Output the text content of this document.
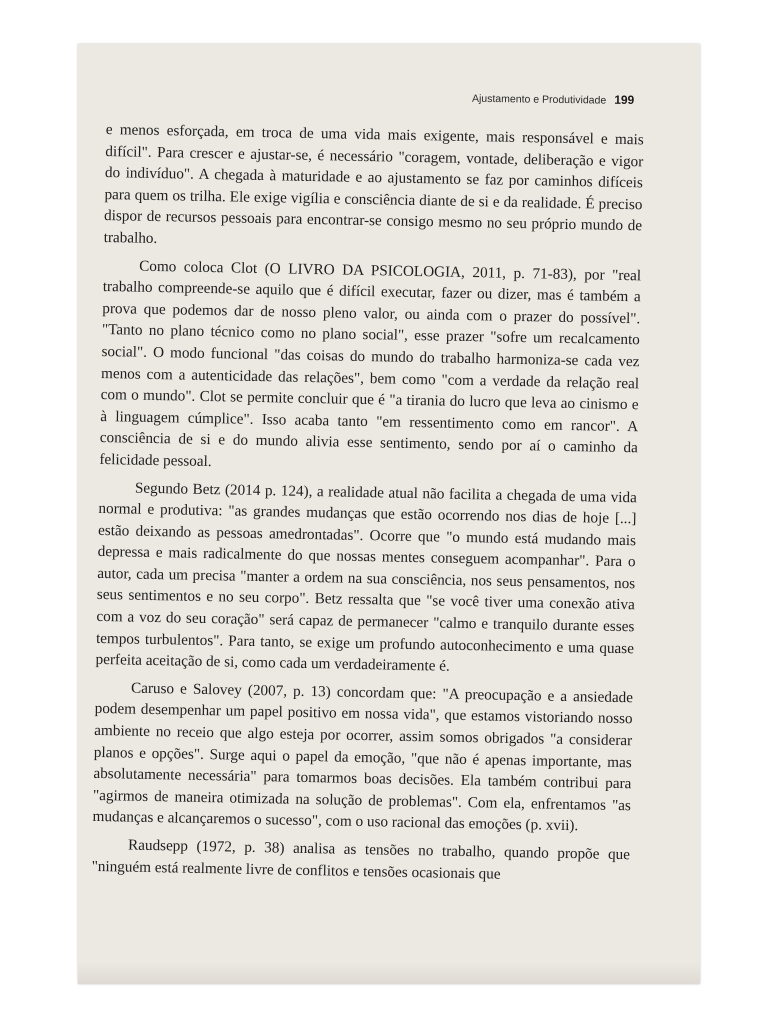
Ajustamento e Produtividade 199

e menos esforçada, em troca de uma vida mais exigente, mais responsável e mais difícil". Para crescer e ajustar-se, é necessário "coragem, vontade, deliberação e vigor do indivíduo". A chegada à maturidade e ao ajustamento se faz por caminhos difíceis para quem os trilha. Ele exige vigília e consciência diante de si e da realidade. É preciso dispor de recursos pessoais para encontrar-se consigo mesmo no seu próprio mundo de trabalho.

Como coloca Clot (O LIVRO DA PSICOLOGIA, 2011, p. 71-83), por "real trabalho compreende-se aquilo que é difícil executar, fazer ou dizer, mas é também a prova que podemos dar de nosso pleno valor, ou ainda com o prazer do possível". "Tanto no plano técnico como no plano social", esse prazer "sofre um recalcamento social". O modo funcional "das coisas do mundo do trabalho harmoniza-se cada vez menos com a autenticidade das relações", bem como "com a verdade da relação real com o mundo". Clot se permite concluir que é "a tirania do lucro que leva ao cinismo e à linguagem cúmplice". Isso acaba tanto "em ressentimento como em rancor". A consciência de si e do mundo alivia esse sentimento, sendo por aí o caminho da felicidade pessoal.

Segundo Betz (2014 p. 124), a realidade atual não facilita a chegada de uma vida normal e produtiva: "as grandes mudanças que estão ocorrendo nos dias de hoje [...] estão deixando as pessoas amedrontadas". Ocorre que "o mundo está mudando mais depressa e mais radicalmente do que nossas mentes conseguem acompanhar". Para o autor, cada um precisa "manter a ordem na sua consciência, nos seus pensamentos, nos seus sentimentos e no seu corpo". Betz ressalta que "se você tiver uma conexão ativa com a voz do seu coração" será capaz de permanecer "calmo e tranquilo durante esses tempos turbulentos". Para tanto, se exige um profundo autoconhecimento e uma quase perfeita aceitação de si, como cada um verdadeiramente é.

Caruso e Salovey (2007, p. 13) concordam que: "A preocupação e a ansiedade podem desempenhar um papel positivo em nossa vida", que estamos vistoriando nosso ambiente no receio que algo esteja por ocorrer, assim somos obrigados "a considerar planos e opções". Surge aqui o papel da emoção, "que não é apenas importante, mas absolutamente necessária" para tomarmos boas decisões. Ela também contribui para "agirmos de maneira otimizada na solução de problemas". Com ela, enfrentamos "as mudanças e alcançaremos o sucesso", com o uso racional das emoções (p. xvii).

Raudsepp (1972, p. 38) analisa as tensões no trabalho, quando propõe que "ninguém está realmente livre de conflitos e tensões ocasionais que
